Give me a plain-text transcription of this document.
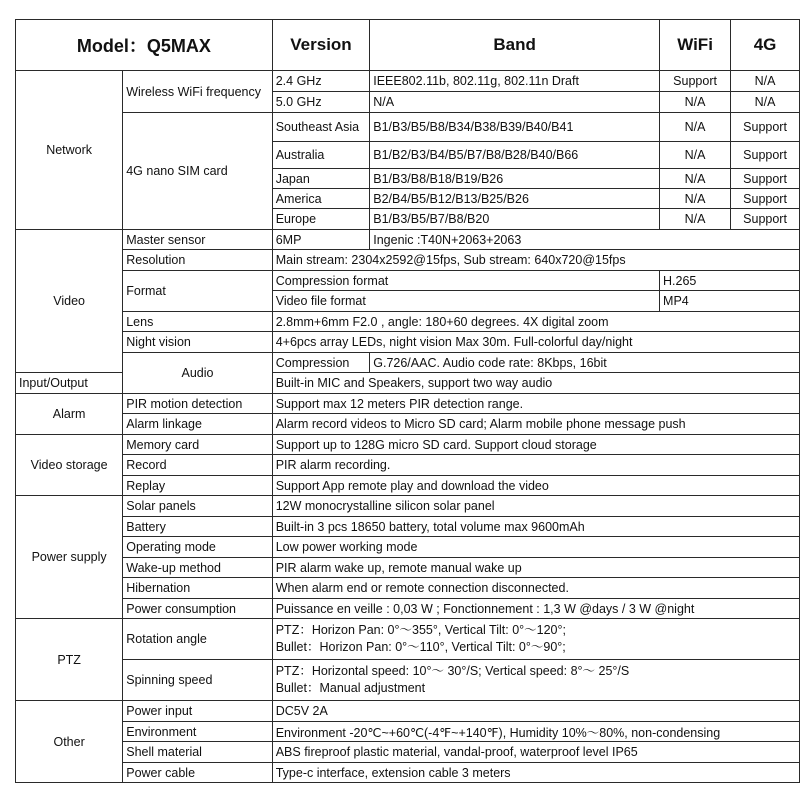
Model：Q5MAX		Version	Band	WiFi	4G
Network	Wireless WiFi frequency	2.4 GHz	IEEE802.11b, 802.11g, 802.11n Draft	Support	N/A
		5.0 GHz	N/A	N/A	N/A
	4G nano SIM card	Southeast Asia	B1/B3/B5/B8/B34/B38/B39/B40/B41	N/A	Support
		Australia	B1/B2/B3/B4/B5/B7/B8/B28/B40/B66	N/A	Support
		Japan	B1/B3/B8/B18/B19/B26	N/A	Support
		America	B2/B4/B5/B12/B13/B25/B26	N/A	Support
		Europe	B1/B3/B5/B7/B8/B20	N/A	Support
Video	Master sensor	6MP	Ingenic :T40N+2063+2063		
	Resolution	Main stream: 2304x2592@15fps, Sub stream: 640x720@15fps			
	Format	Compression format		H.265	
		Video file format		MP4	
	Lens	2.8mm+6mm F2.0 , angle: 180+60 degrees. 4X digital zoom			
	Night vision	4+6pcs array LEDs, night vision Max 30m. Full-colorful day/night			
	Audio	Compression	G.726/AAC. Audio code rate: 8Kbps, 16bit		
Input/Output		Built-in MIC and Speakers, support two way audio			
Alarm	PIR motion detection	Support max 12 meters PIR detection range.			
	Alarm linkage	Alarm record videos to Micro SD card; Alarm mobile phone message push			
Video storage	Memory card	Support up to 128G micro SD card. Support cloud storage			
	Record	PIR alarm recording.			
	Replay	Support App remote play and download the video			
Power supply	Solar panels	12W monocrystalline silicon solar panel			
	Battery	Built-in 3 pcs 18650 battery, total volume max 9600mAh			
	Operating mode	Low power working mode			
	Wake-up method	PIR alarm wake up, remote manual wake up			
	Hibernation	When alarm end or remote connection disconnected.			
	Power consumption	Puissance en veille : 0,03 W ; Fonctionnement : 1,3 W @days / 3 W @night			
PTZ	Rotation angle	PTZ：Horizon Pan: 0°～355°, Vertical Tilt: 0°～120°;
Bullet：Horizon Pan: 0°～110°, Vertical Tilt: 0°～90°;			

	Spinning speed	PTZ：Horizontal speed: 10°～ 30°/S; Vertical speed: 8°～ 25°/S
Bullet：Manual adjustment			

Other	Power input	DC5V 2A			
	Environment	Environment -20℃~+60℃(-4℉~+140℉), Humidity 10%～80%, non-condensing			
	Shell material	ABS fireproof plastic material, vandal-proof, waterproof level IP65			
	Power cable	Type-c interface, extension cable 3 meters			
